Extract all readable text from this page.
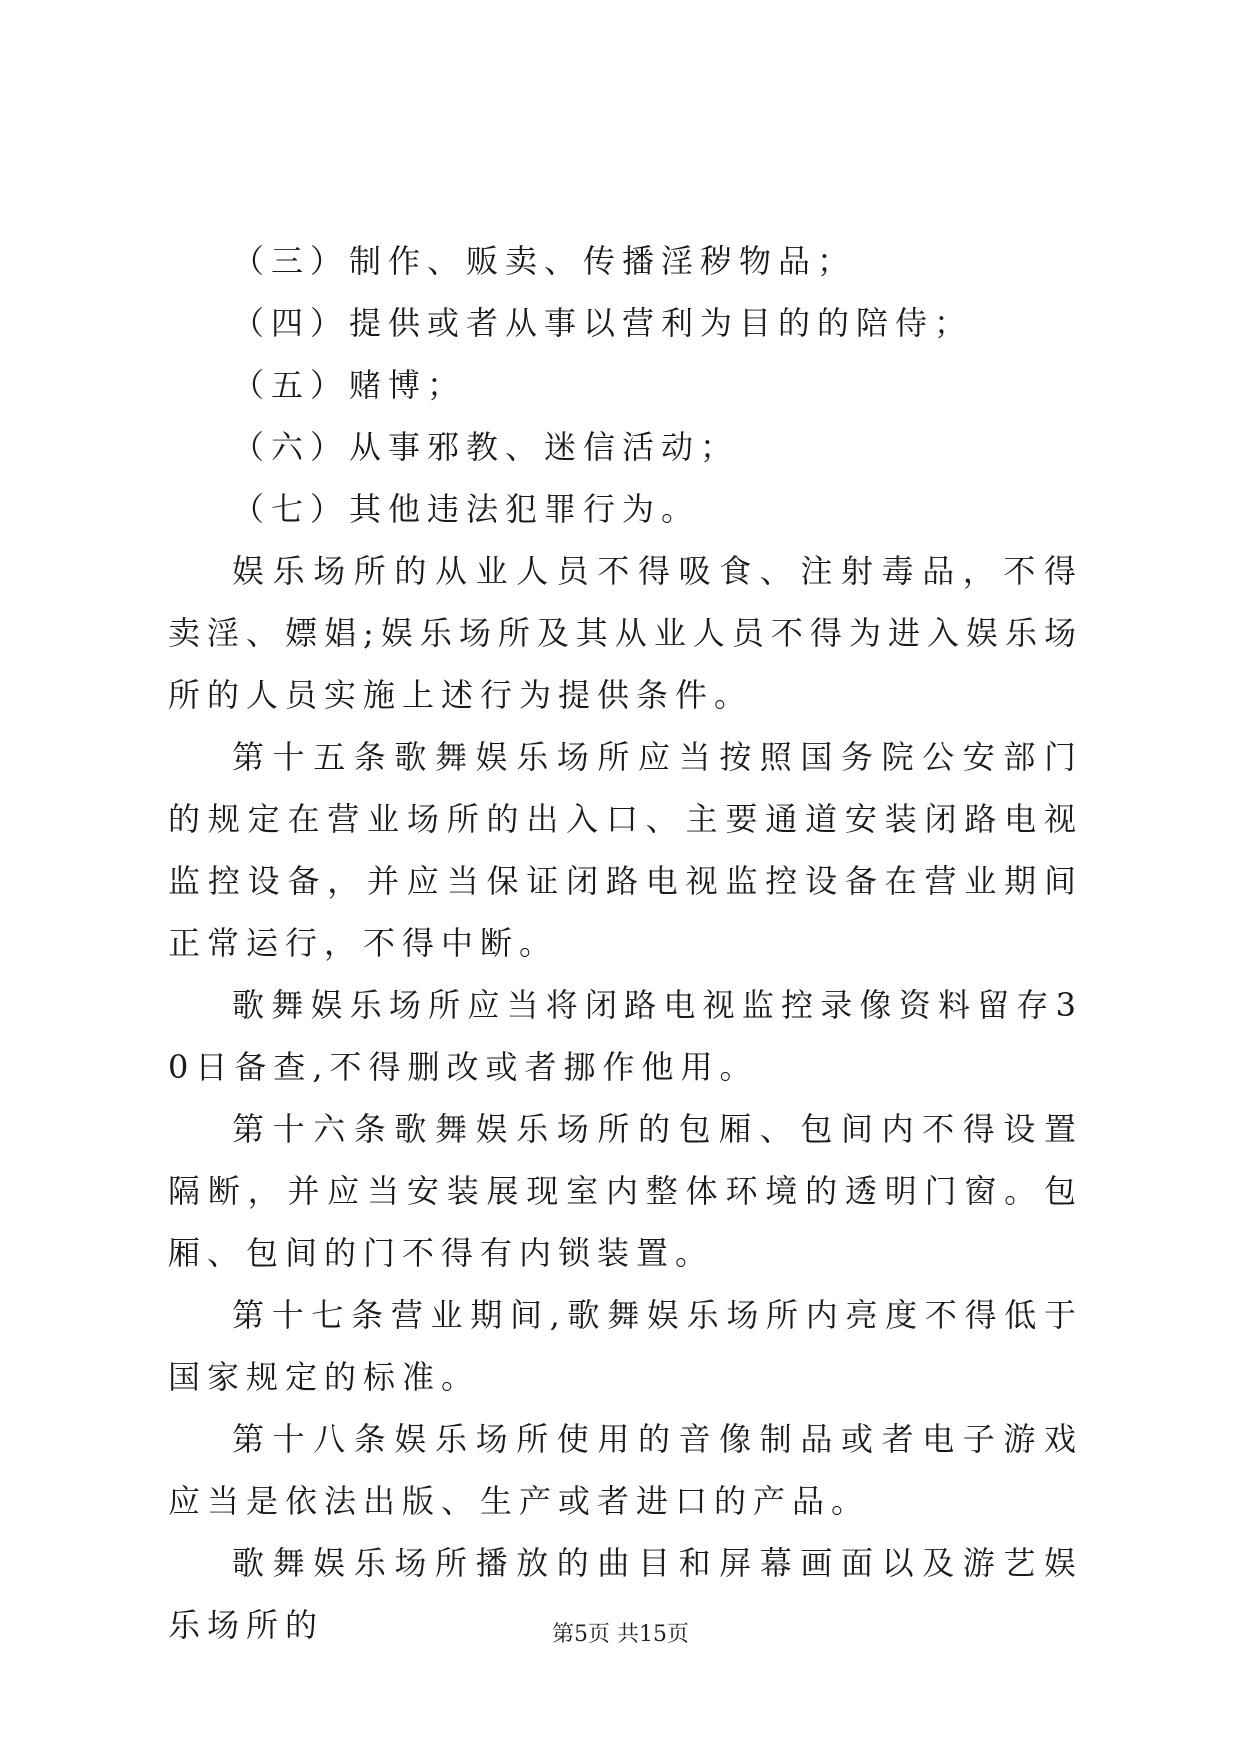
（三）制作、贩卖、传播淫秽物品；

（四）提供或者从事以营利为目的的陪侍；

（五）赌博；

（六）从事邪教、迷信活动；

（七）其他违法犯罪行为。

娱乐场所的从业人员不得吸食、注射毒品，不得卖淫、嫖娼;娱乐场所及其从业人员不得为进入娱乐场所的人员实施上述行为提供条件。

第十五条歌舞娱乐场所应当按照国务院公安部门的规定在营业场所的出入口、主要通道安装闭路电视监控设备，并应当保证闭路电视监控设备在营业期间正常运行，不得中断。

歌舞娱乐场所应当将闭路电视监控录像资料留存30日备查,不得删改或者挪作他用。

第十六条歌舞娱乐场所的包厢、包间内不得设置隔断，并应当安装展现室内整体环境的透明门窗。包厢、包间的门不得有内锁装置。

第十七条营业期间,歌舞娱乐场所内亮度不得低于国家规定的标准。

第十八条娱乐场所使用的音像制品或者电子游戏应当是依法出版、生产或者进口的产品。

歌舞娱乐场所播放的曲目和屏幕画面以及游艺娱乐场所的	第5页 共15页
